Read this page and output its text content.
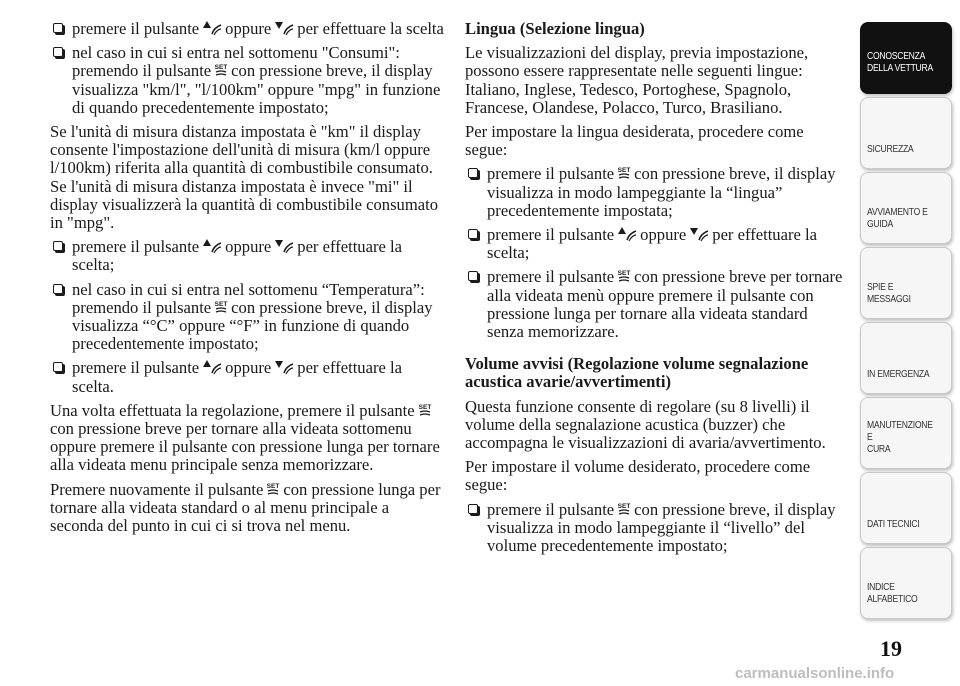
premere il pulsante oppure per effettuare la scelta
nel caso in cui si entra nel sottomenu "Consumi": premendo il pulsante SET con pressione breve, il display visualizza "km/l", "l/100km" oppure "mpg" in funzione di quando precedentemente impostato;

Se l'unità di misura distanza impostata è "km" il display consente l'impostazione dell'unità di misura (km/l oppure l/100km) riferita alla quantità di combustibile consumato. Se l'unità di misura distanza impostata è invece "mi" il display visualizzerà la quantità di combustibile consumato in "mpg".

premere il pulsante oppure per effettuare la scelta;
nel caso in cui si entra nel sottomenu “Temperatura”: premendo il pulsante SET con pressione breve, il display visualizza “°C” oppure “°F” in funzione di quando precedentemente impostato;
premere il pulsante oppure per effettuare la scelta.

Una volta effettuata la regolazione, premere il pulsante SET
con pressione breve per tornare alla videata sottomenu oppure premere il pulsante con pressione lunga per tornare alla videata menu principale senza memorizzare.

Premere nuovamente il pulsante SET con pressione lunga per tornare alla videata standard o al menu principale a seconda del punto in cui ci si trova nel menu.

Lingua (Selezione lingua)

Le visualizzazioni del display, previa impostazione, possono essere rappresentate nelle seguenti lingue: Italiano, Inglese, Tedesco, Portoghese, Spagnolo, Francese, Olandese, Polacco, Turco, Brasiliano.

Per impostare la lingua desiderata, procedere come segue:

premere il pulsante SET con pressione breve, il display visualizza in modo lampeggiante la “lingua” precedentemente impostata;
premere il pulsante oppure per effettuare la scelta;
premere il pulsante SET con pressione breve per tornare alla videata menù oppure premere il pulsante con pressione lunga per tornare alla videata standard senza memorizzare.
Volume avvisi (Regolazione volume segnalazione acustica avarie/avvertimenti)

Questa funzione consente di regolare (su 8 livelli) il volume della segnalazione acustica (buzzer) che accompagna le visualizzazioni di avaria/avvertimento.

Per impostare il volume desiderato, procedere come segue:

premere il pulsante SET con pressione breve, il display visualizza in modo lampeggiante il “livello” del volume precedentemente impostato;
CONOSCENZA
DELLA VETTURA
SICUREZZA
AVVIAMENTO E
GUIDA
SPIE E MESSAGGI
IN EMERGENZA
MANUTENZIONE E
CURA
DATI TECNICI
INDICE
ALFABETICO
19
carmanualsonline.info
